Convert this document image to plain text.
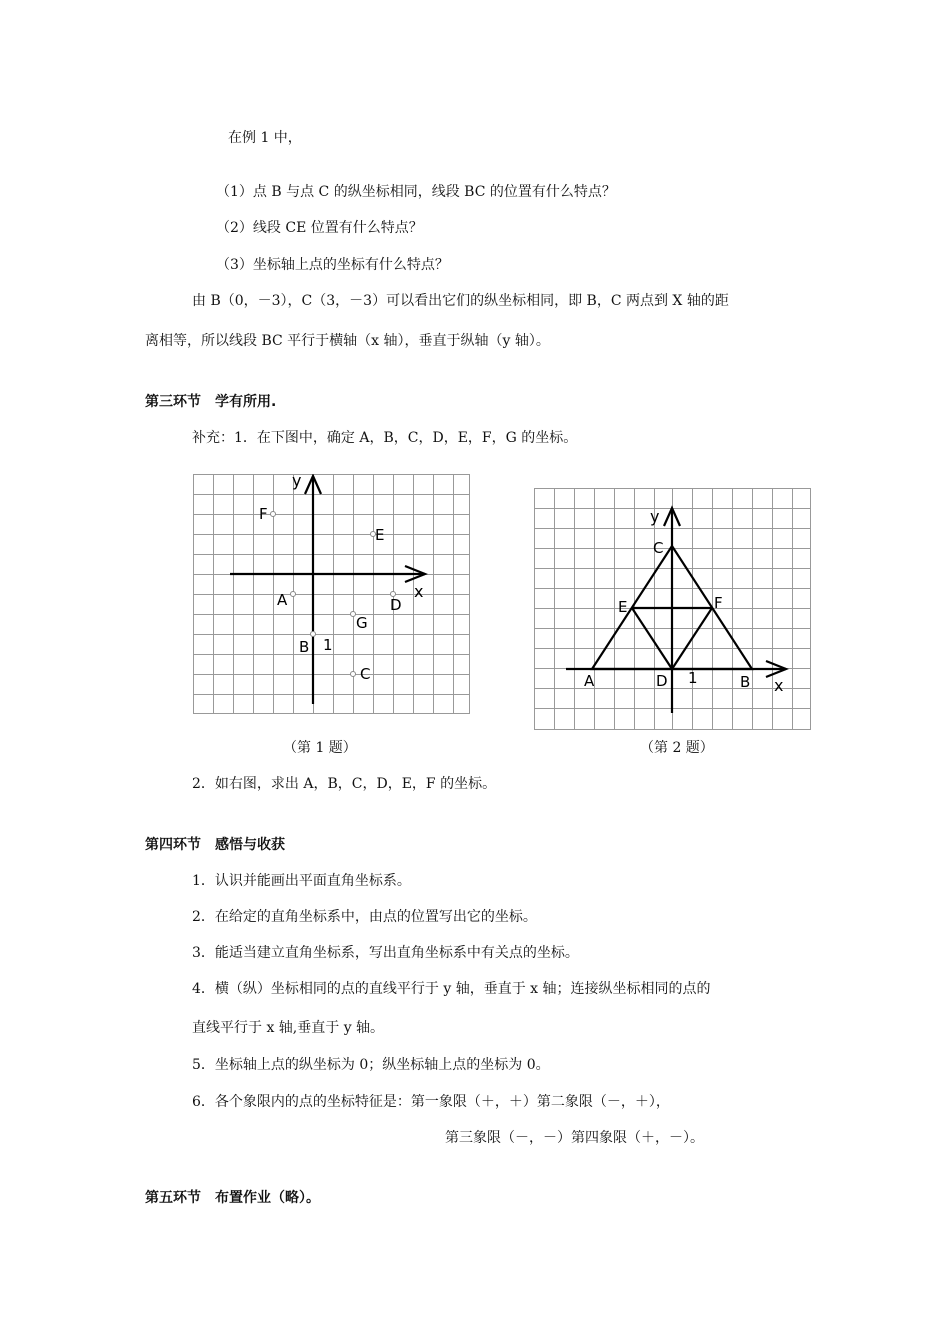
在例 1 中，
（1）点 B 与点 C 的纵坐标相同，线段 BC 的位置有什么特点？
（2）线段 CE 位置有什么特点？
（3）坐标轴上点的坐标有什么特点？
由 B（0，－3），C（3，－3）可以看出它们的纵坐标相同，即 B，C 两点到 X 轴的距
离相等，所以线段 BC 平行于横轴（x 轴），垂直于纵轴（y 轴）。
第三环节　学有所用.
补充：1．在下图中，确定 A，B，C，D，E，F，G 的坐标。
y
x
F
E
A	D
G
B 1
C
（第 1 题）
y
C
E	F
A	D 1	B x
（第 2 题）
2．如右图，求出 A，B，C，D，E，F 的坐标。
第四环节　感悟与收获
1．认识并能画出平面直角坐标系。
2．在给定的直角坐标系中，由点的位置写出它的坐标。
3．能适当建立直角坐标系，写出直角坐标系中有关点的坐标。
4．横（纵）坐标相同的点的直线平行于 y 轴，垂直于 x 轴；连接纵坐标相同的点的
直线平行于 x 轴,垂直于 y 轴。
5．坐标轴上点的纵坐标为 0；纵坐标轴上点的坐标为 0。
6．各个象限内的点的坐标特征是：第一象限（＋，＋）第二象限（－，＋），
第三象限（－，－）第四象限（＋，－）。
第五环节　布置作业（略）。
